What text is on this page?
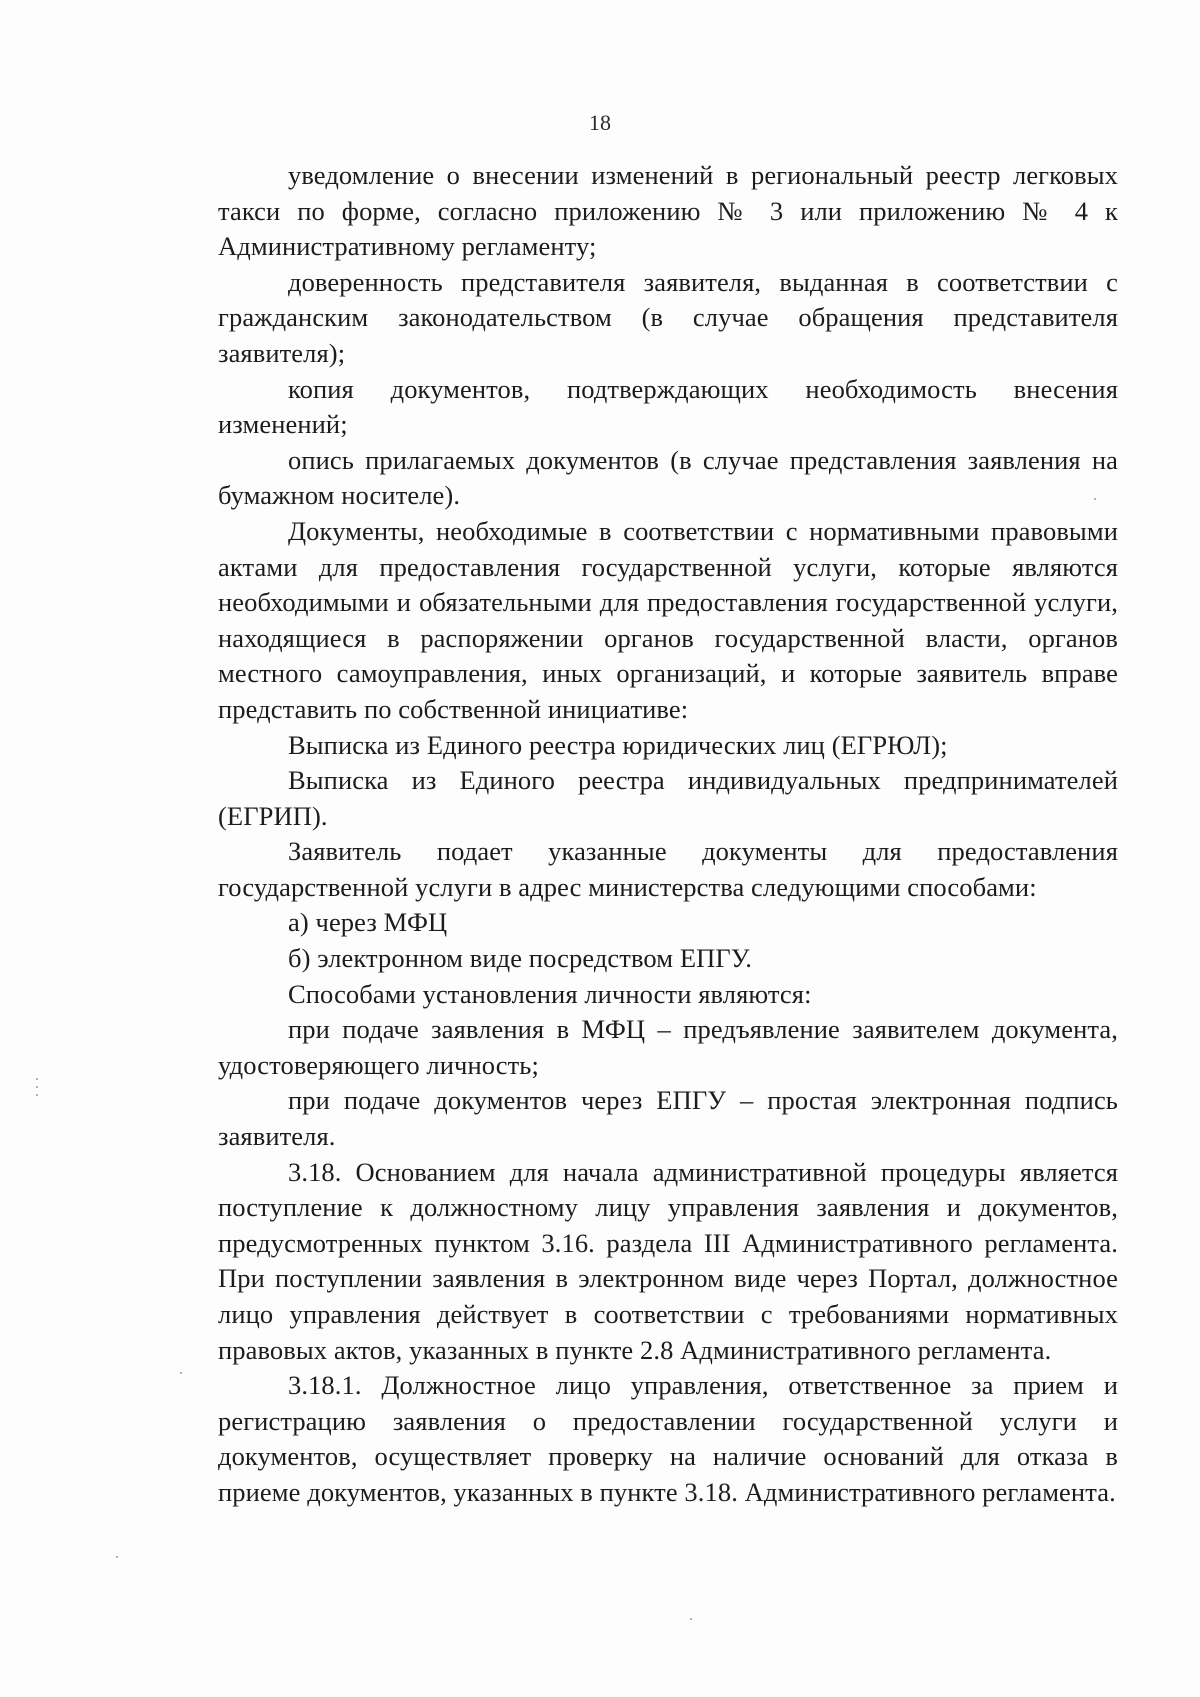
18

уведомление о внесении изменений в региональный реестр легковых такси по форме, согласно приложению № 3 или приложению № 4 к Административному регламенту;

доверенность представителя заявителя, выданная в соответствии с гражданским законодательством (в случае обращения представителя заявителя);

копия документов, подтверждающих необходимость внесения изменений;

опись прилагаемых документов (в случае представления заявления на бумажном носителе).

Документы, необходимые в соответствии с нормативными правовыми актами для предоставления государственной услуги, которые являются необходимыми и обязательными для предоставления государственной услуги, находящиеся в распоряжении органов государственной власти, органов местного самоуправления, иных организаций, и которые заявитель вправе представить по собственной инициативе:

Выписка из Единого реестра юридических лиц (ЕГРЮЛ);

Выписка из Единого реестра индивидуальных предпринимателей (ЕГРИП).

Заявитель подает указанные документы для предоставления государственной услуги в адрес министерства следующими способами:

а) через МФЦ

б) электронном виде посредством ЕПГУ.

Способами установления личности являются:

при подаче заявления в МФЦ – предъявление заявителем документа, удостоверяющего личность;

при подаче документов через ЕПГУ – простая электронная подпись заявителя.

3.18. Основанием для начала административной процедуры является поступление к должностному лицу управления заявления и документов, предусмотренных пунктом 3.16. раздела III Административного регламента. При поступлении заявления в электронном виде через Портал, должностное лицо управления действует в соответствии с требованиями нормативных правовых актов, указанных в пункте 2.8 Административного регламента.

3.18.1. Должностное лицо управления, ответственное за прием и регистрацию заявления о предоставлении государственной услуги и документов, осуществляет проверку на наличие оснований для отказа в приеме документов, указанных в пункте 3.18. Административного регламента.
